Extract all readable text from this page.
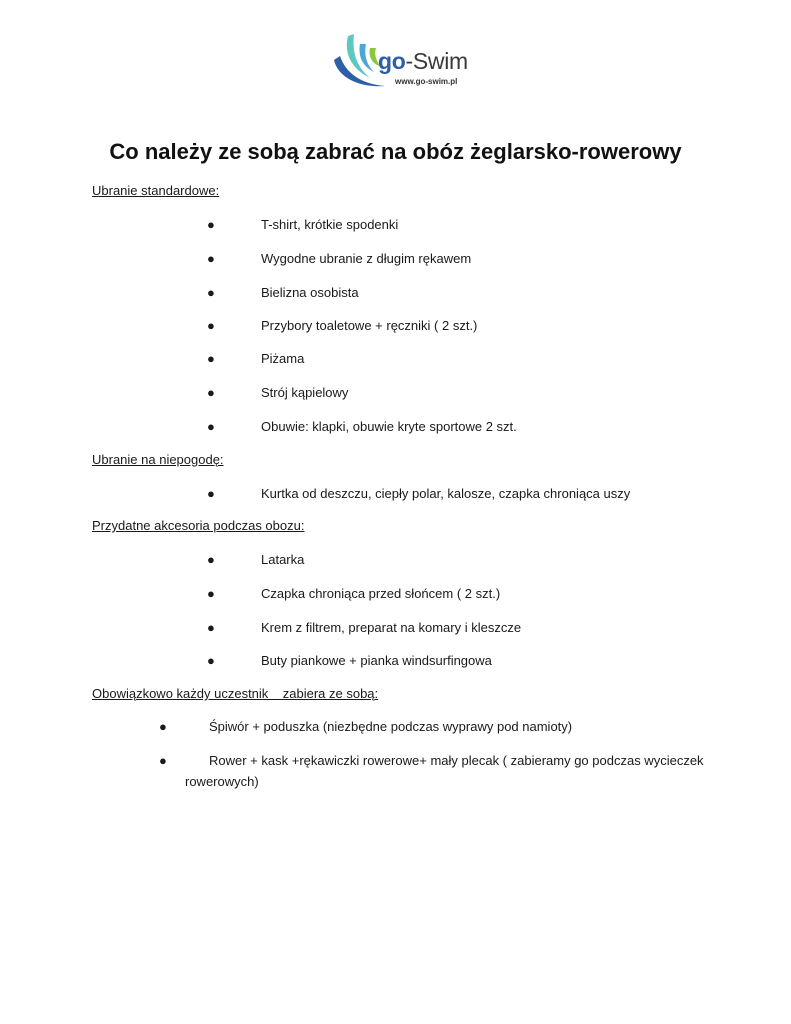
go-Swim
www.go-swim.pl
Co należy ze sobą zabrać na obóz żeglarsko-rowerowy
Ubranie standardowe:
●	T-shirt, krótkie spodenki
●	Wygodne ubranie z długim rękawem
●	Bielizna osobista
●	Przybory toaletowe + ręczniki ( 2 szt.)
●	Piżama
●	Strój kąpielowy
●	Obuwie: klapki, obuwie kryte sportowe 2 szt.
Ubranie na niepogodę:
●	Kurtka od deszczu, ciepły polar, kalosze, czapka chroniąca uszy
Przydatne akcesoria podczas obozu:
●	Latarka
●	Czapka chroniąca przed słońcem ( 2 szt.)
●	Krem z filtrem, preparat na komary i kleszcze
●	Buty piankowe + pianka windsurfingowa
Obowiązkowo każdy uczestnik    zabiera ze sobą:
●	Śpiwór + poduszka (niezbędne podczas wyprawy pod namioty)
●	Rower + kask +rękawiczki rowerowe+ mały plecak ( zabieramy go podczas wycieczek
rowerowych)
